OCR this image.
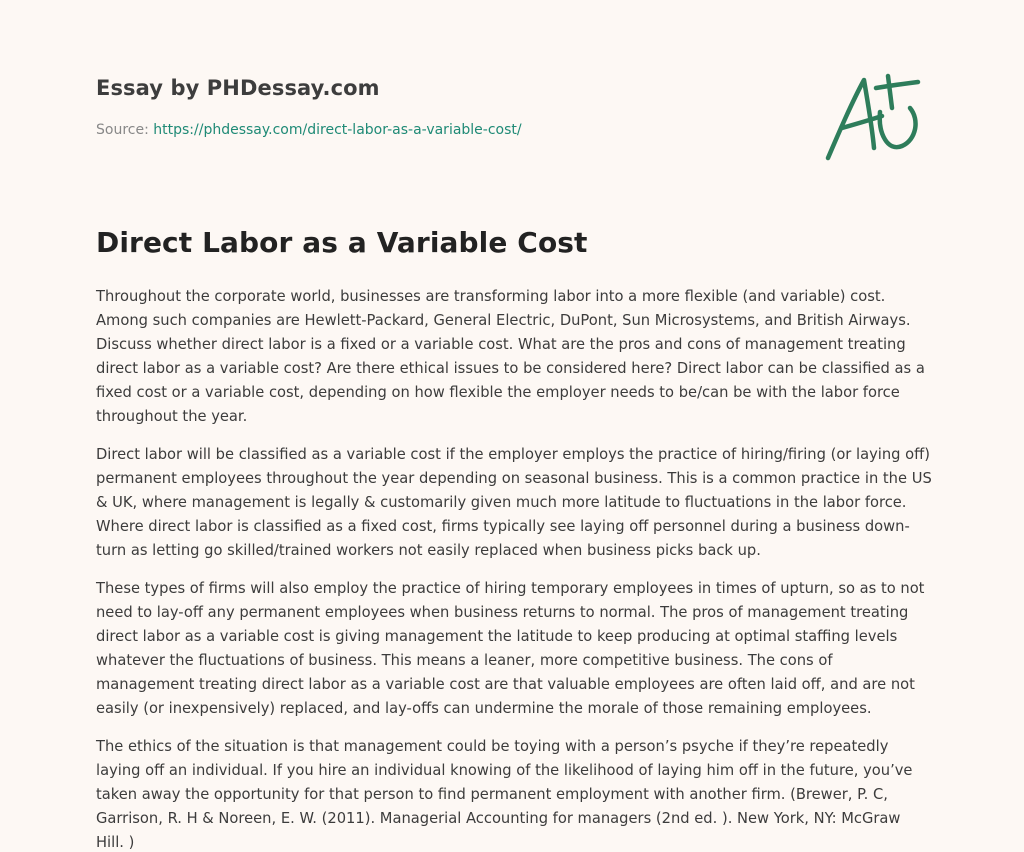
Essay by PHDessay.com
Source: https://phdessay.com/direct-labor-as-a-variable-cost/
Direct Labor as a Variable Cost

Throughout the corporate world, businesses are transforming labor into a more flexible (and variable) cost. Among such companies are Hewlett-Packard, General Electric, DuPont, Sun Microsystems, and British Airways. Discuss whether direct labor is a fixed or a variable cost. What are the pros and cons of management treating direct labor as a variable cost? Are there ethical issues to be considered here? Direct labor can be classified as a fixed cost or a variable cost, depending on how flexible the employer needs to be/can be with the labor force throughout the year.

Direct labor will be classified as a variable cost if the employer employs the practice of hiring/firing (or laying off) permanent employees throughout the year depending on seasonal business. This is a common practice in the US & UK, where management is legally & customarily given much more latitude to fluctuations in the labor force. Where direct labor is classified as a fixed cost, firms typically see laying off personnel during a business down-turn as letting go skilled/trained workers not easily replaced when business picks back up.

These types of firms will also employ the practice of hiring temporary employees in times of upturn, so as to not need to lay-off any permanent employees when business returns to normal. The pros of management treating direct labor as a variable cost is giving management the latitude to keep producing at optimal staffing levels whatever the fluctuations of business. This means a leaner, more competitive business. The cons of management treating direct labor as a variable cost are that valuable employees are often laid off, and are not easily (or inexpensively) replaced, and lay-offs can undermine the morale of those remaining employees.

The ethics of the situation is that management could be toying with a person’s psyche if they’re repeatedly laying off an individual. If you hire an individual knowing of the likelihood of laying him off in the future, you’ve taken away the opportunity for that person to find permanent employment with another firm. (Brewer, P. C, Garrison, R. H & Noreen, E. W. (2011). Managerial Accounting for managers (2nd ed. ). New York, NY: McGraw Hill. )
